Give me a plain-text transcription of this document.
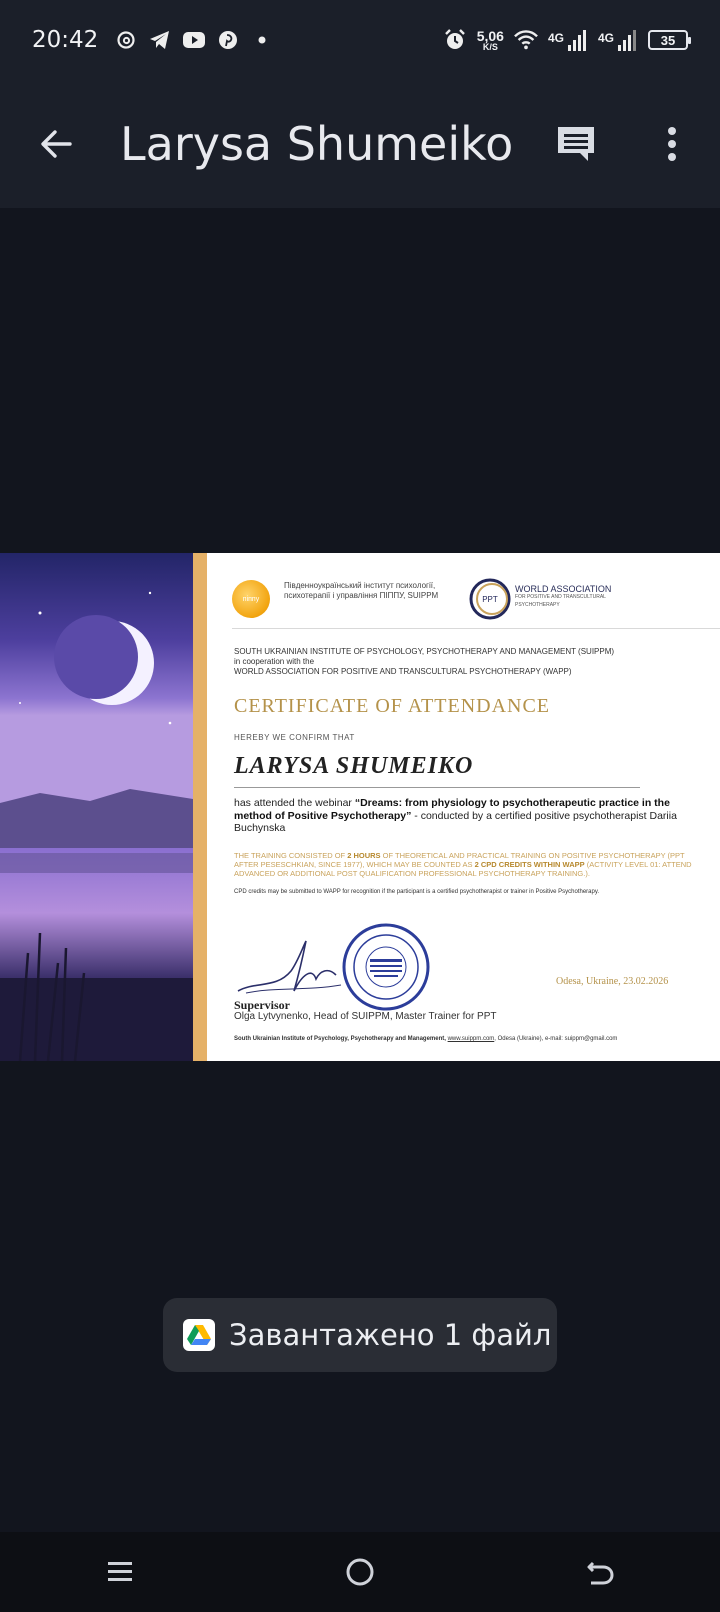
20:42	5,06
K/S
4G	4G	35
Larysa Shumeiko
піппу
Південноукраїнський інститут психології, психотерапії і управління ПІППУ, SUIPPM	PPT
WORLD ASSOCIATION
FOR POSITIVE AND TRANSCULTURAL
PSYCHOTHERAPY
SOUTH UKRAINIAN INSTITUTE OF PSYCHOLOGY, PSYCHOTHERAPY AND MANAGEMENT (SUIPPM)
in cooperation with the
WORLD ASSOCIATION FOR POSITIVE AND TRANSCULTURAL PSYCHOTHERAPY (WAPP)
CERTIFICATE OF ATTENDANCE
HEREBY WE CONFIRM THAT
LARYSA SHUMEIKO
has attended the webinar “Dreams: from physiology to psychotherapeutic practice in the method of Positive Psychotherapy” - conducted by a certified positive psychotherapist Dariia Buchynska
THE TRAINING CONSISTED OF 2 HOURS OF THEORETICAL AND PRACTICAL TRAINING ON POSITIVE PSYCHOTHERAPY (PPT AFTER PESESCHKIAN, SINCE 1977), WHICH MAY BE COUNTED AS 2 CPD CREDITS WITHIN WAPP (ACTIVITY LEVEL 01: ATTEND ADVANCED OR ADDITIONAL POST QUALIFICATION PROFESSIONAL PSYCHOTHERAPY TRAINING.).
CPD credits may be submitted to WAPP for recognition if the participant is a certified psychotherapist or trainer in Positive Psychotherapy.
Odesa, Ukraine, 23.02.2026
Supervisor
Olga Lytvynenko, Head of SUIPPM, Master Trainer for PPT
South Ukrainian Institute of Psychology, Psychotherapy and Management, www.suippm.com, Odesa (Ukraine), e-mail: suippm@gmail.com
Завантажено 1 файл
